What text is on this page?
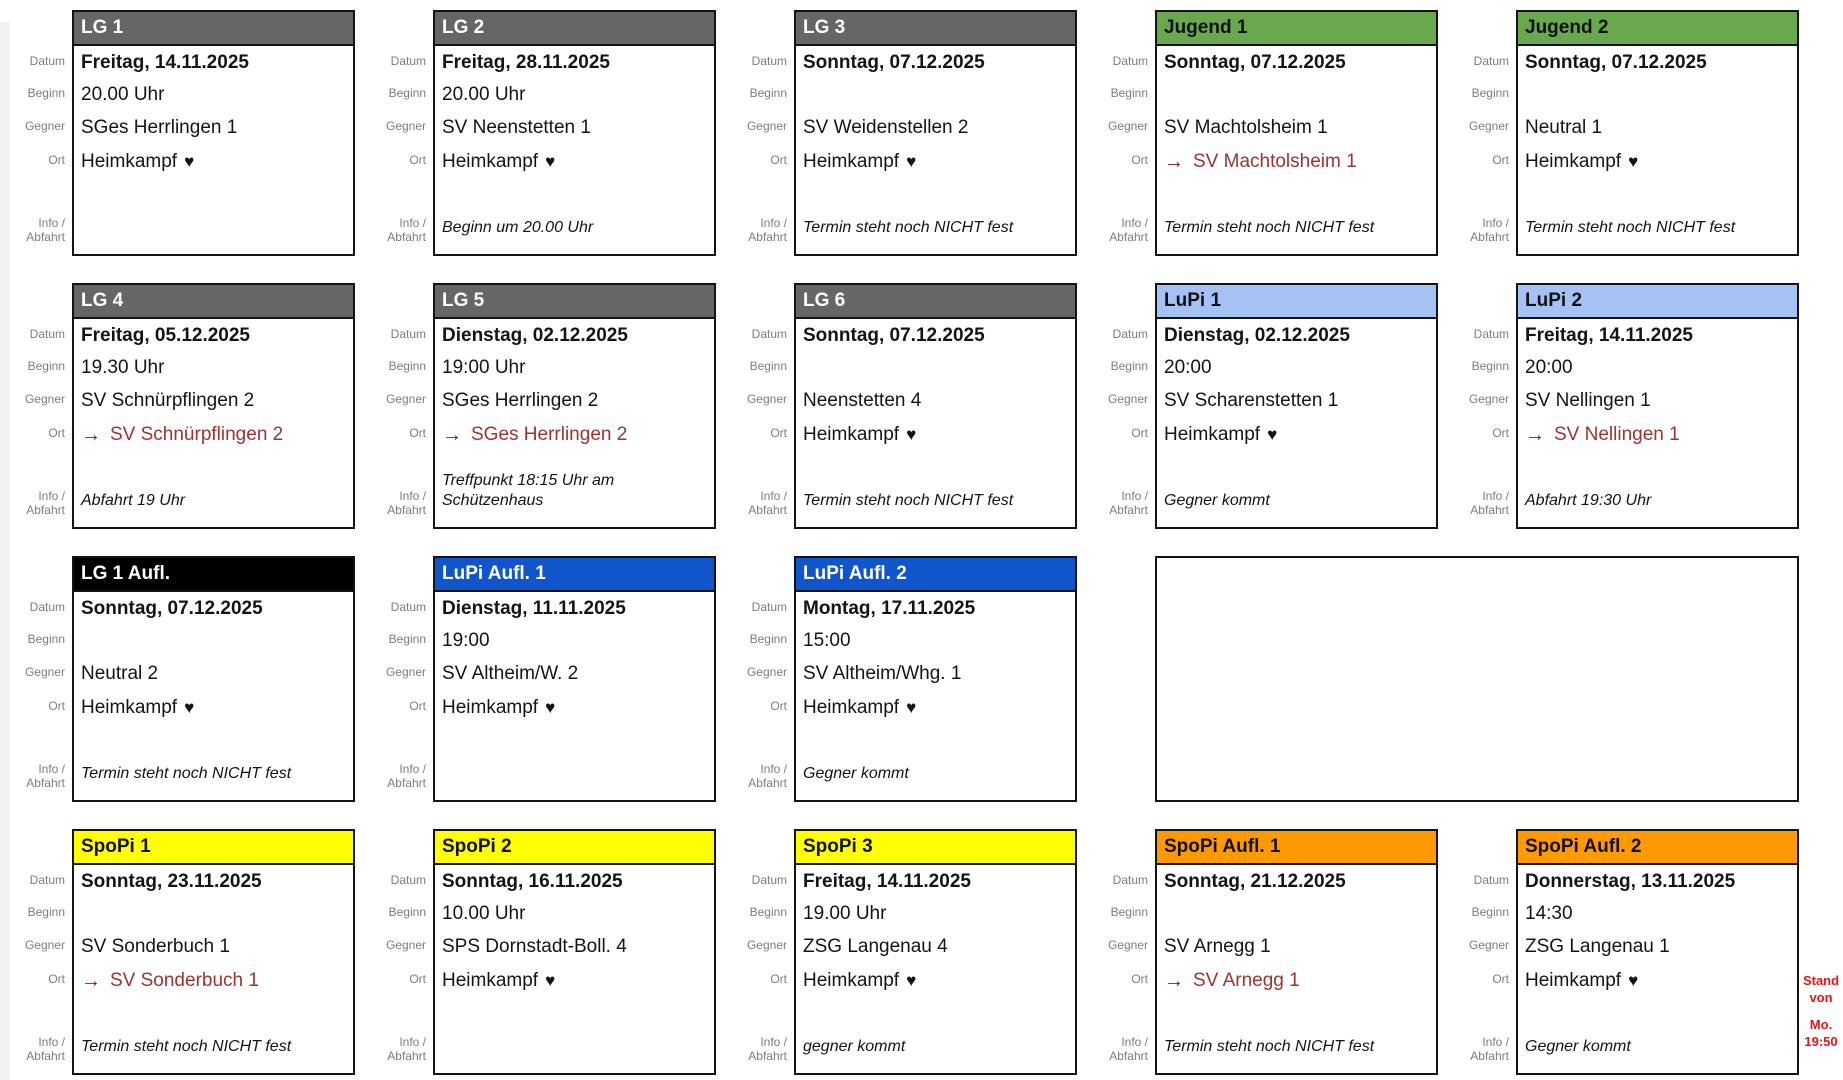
Datum
Beginn
Gegner
Ort
Info /
Abfahrt
LG 1
Freitag, 14.11.2025
20.00 Uhr
SGes Herrlingen 1
Heimkampf ♥
Datum
Beginn
Gegner
Ort
Info /
Abfahrt
LG 2
Freitag, 28.11.2025
20.00 Uhr
SV Neenstetten 1
Heimkampf ♥
Beginn um 20.00 Uhr
Datum
Beginn
Gegner
Ort
Info /
Abfahrt
LG 3
Sonntag, 07.12.2025
SV Weidenstellen 2
Heimkampf ♥
Termin steht noch NICHT fest
Datum
Beginn
Gegner
Ort
Info /
Abfahrt
Jugend 1
Sonntag, 07.12.2025
SV Machtolsheim 1
→ SV Machtolsheim 1
Termin steht noch NICHT fest
Datum
Beginn
Gegner
Ort
Info /
Abfahrt
Jugend 2
Sonntag, 07.12.2025
Neutral 1
Heimkampf ♥
Termin steht noch NICHT fest
Datum
Beginn
Gegner
Ort
Info /
Abfahrt
LG 4
Freitag, 05.12.2025
19.30 Uhr
SV Schnürpflingen 2
→ SV Schnürpflingen 2
Abfahrt 19 Uhr
Datum
Beginn
Gegner
Ort
Info /
Abfahrt
LG 5
Dienstag, 02.12.2025
19:00 Uhr
SGes Herrlingen 2
→ SGes Herrlingen 2
Treffpunkt 18:15 Uhr am Schützenhaus
Datum
Beginn
Gegner
Ort
Info /
Abfahrt
LG 6
Sonntag, 07.12.2025
Neenstetten 4
Heimkampf ♥
Termin steht noch NICHT fest
Datum
Beginn
Gegner
Ort
Info /
Abfahrt
LuPi 1
Dienstag, 02.12.2025
20:00
SV Scharenstetten 1
Heimkampf ♥
Gegner kommt
Datum
Beginn
Gegner
Ort
Info /
Abfahrt
LuPi 2
Freitag, 14.11.2025
20:00
SV Nellingen 1
→ SV Nellingen 1
Abfahrt 19:30 Uhr
Datum
Beginn
Gegner
Ort
Info /
Abfahrt
LG 1 Aufl.
Sonntag, 07.12.2025
Neutral 2
Heimkampf ♥
Termin steht noch NICHT fest
Datum
Beginn
Gegner
Ort
Info /
Abfahrt
LuPi Aufl. 1
Dienstag, 11.11.2025
19:00
SV Altheim/W. 2
Heimkampf ♥
Datum
Beginn
Gegner
Ort
Info /
Abfahrt
LuPi Aufl. 2
Montag, 17.11.2025
15:00
SV Altheim/Whg. 1
Heimkampf ♥
Gegner kommt
Datum
Beginn
Gegner
Ort
Info /
Abfahrt
SpoPi 1
Sonntag, 23.11.2025
SV Sonderbuch 1
→ SV Sonderbuch 1
Termin steht noch NICHT fest
Datum
Beginn
Gegner
Ort
Info /
Abfahrt
SpoPi 2
Sonntag, 16.11.2025
10.00 Uhr
SPS Dornstadt-Boll. 4
Heimkampf ♥
Datum
Beginn
Gegner
Ort
Info /
Abfahrt
SpoPi 3
Freitag, 14.11.2025
19.00 Uhr
ZSG Langenau 4
Heimkampf ♥
gegner kommt
Datum
Beginn
Gegner
Ort
Info /
Abfahrt
SpoPi Aufl. 1
Sonntag, 21.12.2025
SV Arnegg 1
→ SV Arnegg 1
Termin steht noch NICHT fest
Datum
Beginn
Gegner
Ort
Info /
Abfahrt
SpoPi Aufl. 2
Donnerstag, 13.11.2025
14:30
ZSG Langenau 1
Heimkampf ♥
Gegner kommt
Stand
von
Mo.
19:50
